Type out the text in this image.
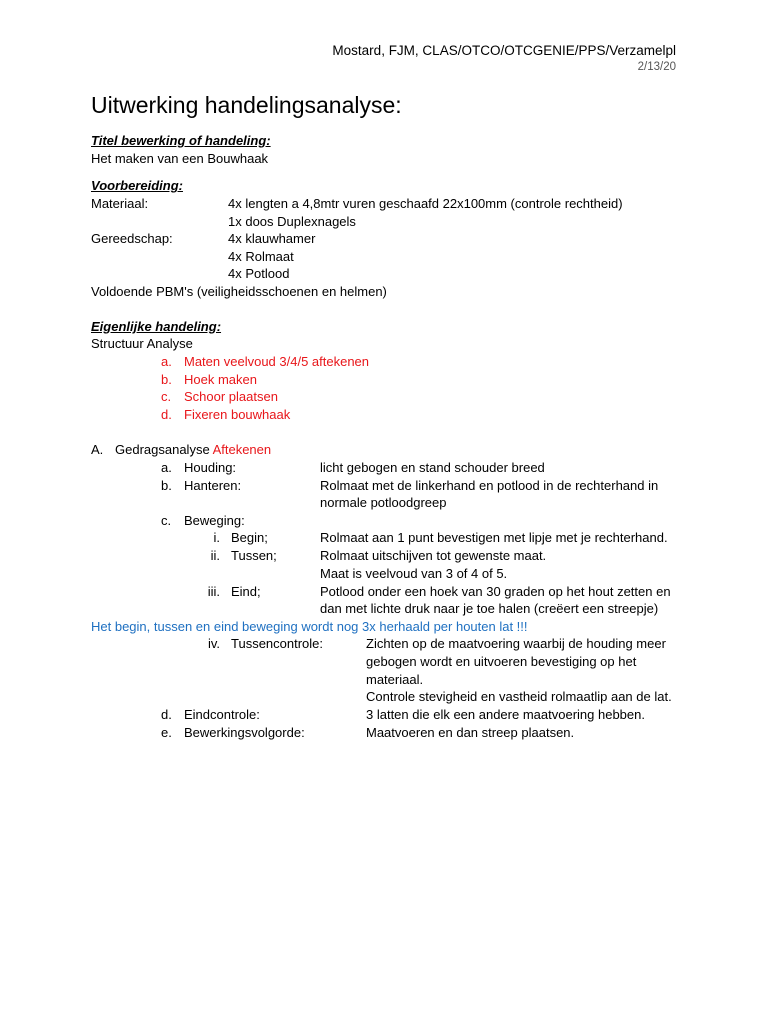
Mostard, FJM, CLAS/OTCO/OTCGENIE/PPS/Verzamelpl
2/13/20
Uitwerking handelingsanalyse:
Titel bewerking of handeling:
Het maken van een Bouwhaak
Voorbereiding:
Materiaal:	4x lengten a 4,8mtr vuren geschaafd 22x100mm (controle rechtheid)
1x doos Duplexnagels
Gereedschap:	4x klauwhamer
4x Rolmaat
4x Potlood
Voldoende PBM's (veiligheidsschoenen en helmen)
Eigenlijke handeling:
Structuur Analyse
a. Maten veelvoud 3/4/5 aftekenen
b. Hoek maken
c. Schoor plaatsen
d. Fixeren bouwhaak
A. Gedragsanalyse Aftekenen
a. Houding:	licht gebogen en stand schouder breed
b. Hanteren:	Rolmaat met de linkerhand en potlood in de rechterhand in
normale potloodgreep
c. Beweging:
i. Begin;	Rolmaat aan 1 punt bevestigen met lipje met je rechterhand.
ii. Tussen;	Rolmaat uitschijven tot gewenste maat.
Maat is veelvoud van 3 of 4 of 5.
iii. Eind;	Potlood onder een hoek van 30 graden op het hout zetten en
dan met lichte druk naar je toe halen (creëert een streepje)
Het begin, tussen en eind beweging wordt nog 3x herhaald per houten lat !!!
iv. Tussencontrole:	Zichten op de maatvoering waarbij de houding meer
gebogen wordt en uitvoeren bevestiging op het
materiaal.
Controle stevigheid en vastheid rolmaatlip aan de lat.
d. Eindcontrole:	3 latten die elk een andere maatvoering hebben.
e. Bewerkingsvolgorde:	Maatvoeren en dan streep plaatsen.
